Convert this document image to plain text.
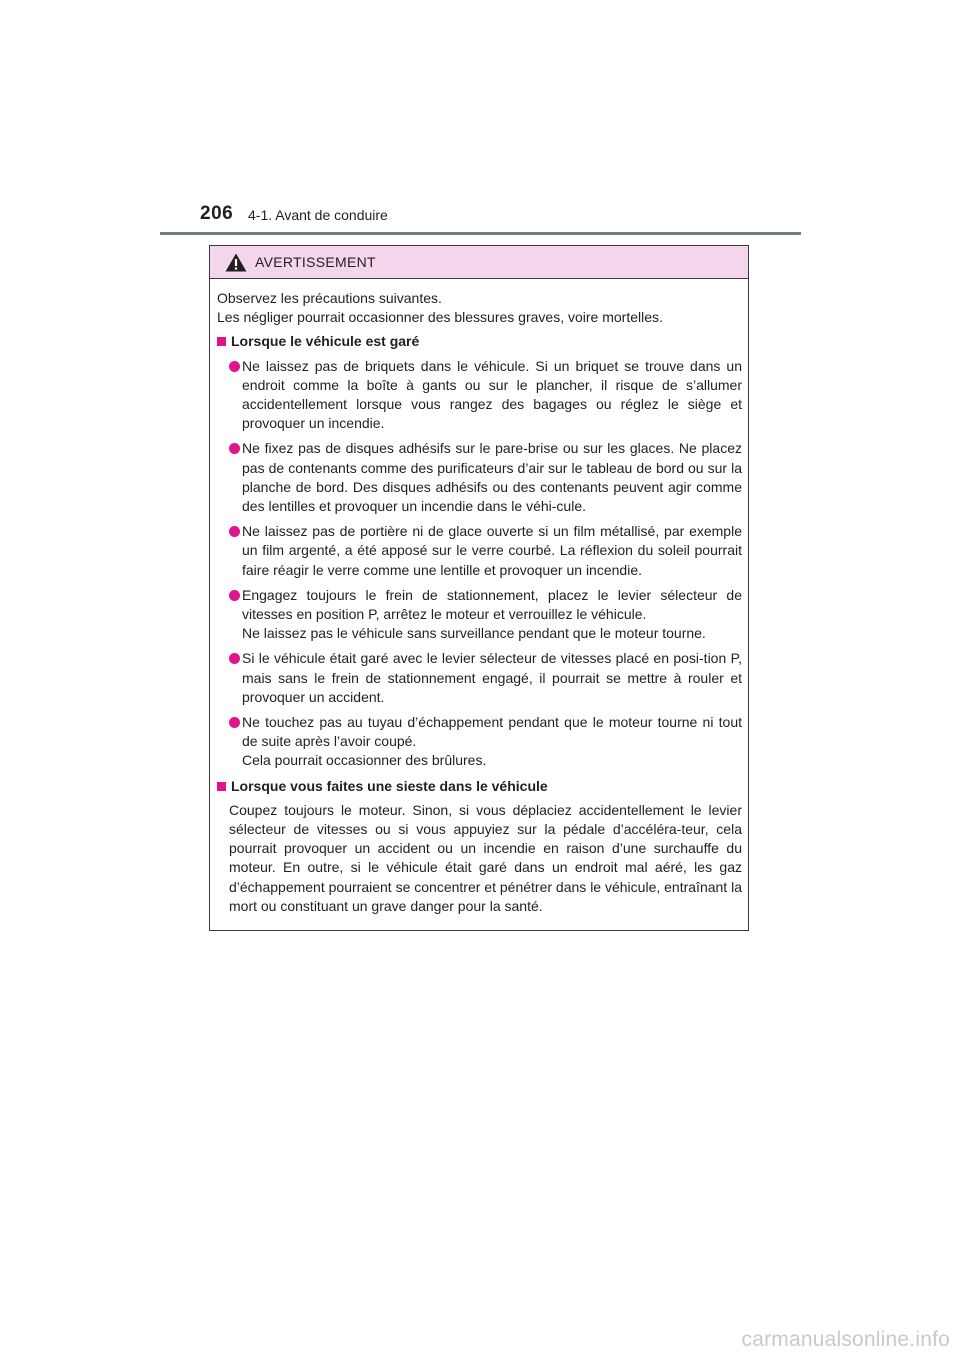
206 4-1. Avant de conduire
AVERTISSEMENT

Observez les précautions suivantes.
Les négliger pourrait occasionner des blessures graves, voire mortelles.

Lorsque le véhicule est garé
Ne laissez pas de briquets dans le véhicule. Si un briquet se trouve dans un endroit comme la boîte à gants ou sur le plancher, il risque de s’allumer accidentellement lorsque vous rangez des bagages ou réglez le siège et provoquer un incendie.
Ne fixez pas de disques adhésifs sur le pare-brise ou sur les glaces. Ne placez pas de contenants comme des purificateurs d’air sur le tableau de bord ou sur la planche de bord. Des disques adhésifs ou des contenants peuvent agir comme des lentilles et provoquer un incendie dans le véhi-cule.
Ne laissez pas de portière ni de glace ouverte si un film métallisé, par exemple un film argenté, a été apposé sur le verre courbé. La réflexion du soleil pourrait faire réagir le verre comme une lentille et provoquer un incendie.
Engagez toujours le frein de stationnement, placez le levier sélecteur de vitesses en position P, arrêtez le moteur et verrouillez le véhicule.
Ne laissez pas le véhicule sans surveillance pendant que le moteur tourne.
Si le véhicule était garé avec le levier sélecteur de vitesses placé en posi-tion P, mais sans le frein de stationnement engagé, il pourrait se mettre à rouler et provoquer un accident.
Ne touchez pas au tuyau d’échappement pendant que le moteur tourne ni tout de suite après l’avoir coupé.
Cela pourrait occasionner des brûlures.
Lorsque vous faites une sieste dans le véhicule

Coupez toujours le moteur. Sinon, si vous déplaciez accidentellement le levier sélecteur de vitesses ou si vous appuyiez sur la pédale d’accéléra-teur, cela pourrait provoquer un accident ou un incendie en raison d’une surchauffe du moteur. En outre, si le véhicule était garé dans un endroit mal aéré, les gaz d’échappement pourraient se concentrer et pénétrer dans le véhicule, entraînant la mort ou constituant un grave danger pour la santé.

carmanualsonline.info
